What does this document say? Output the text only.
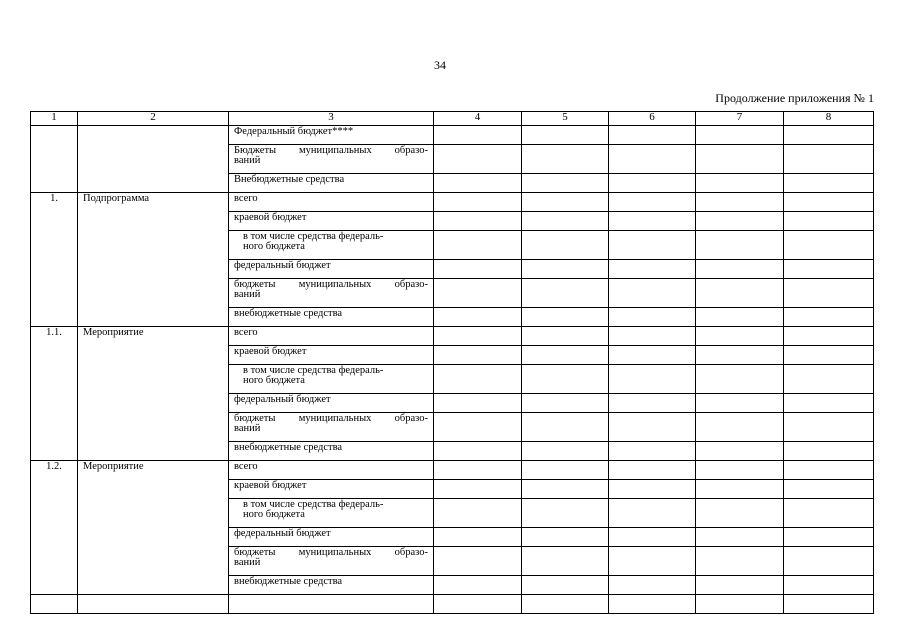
34
Продолжение приложения № 1
1	2	3	4	5	6	7	8
		Федеральный бюджет****					

		Бюджеты муниципальных образо-
ваний					

		Внебюджетные средства					
1.	Подпрограмма	всего					
		краевой бюджет					

		в том числе средства федераль-
ного бюджета					

		федеральный бюджет					

		бюджеты муниципальных образо-
ваний					

		внебюджетные средства					
1.1.	Мероприятие	всего					
		краевой бюджет					

		в том числе средства федераль-
ного бюджета					

		федеральный бюджет					

		бюджеты муниципальных образо-
ваний					

		внебюджетные средства					
1.2.	Мероприятие	всего					
		краевой бюджет					

		в том числе средства федераль-
ного бюджета					

		федеральный бюджет					

		бюджеты муниципальных образо-
ваний					

		внебюджетные средства					
